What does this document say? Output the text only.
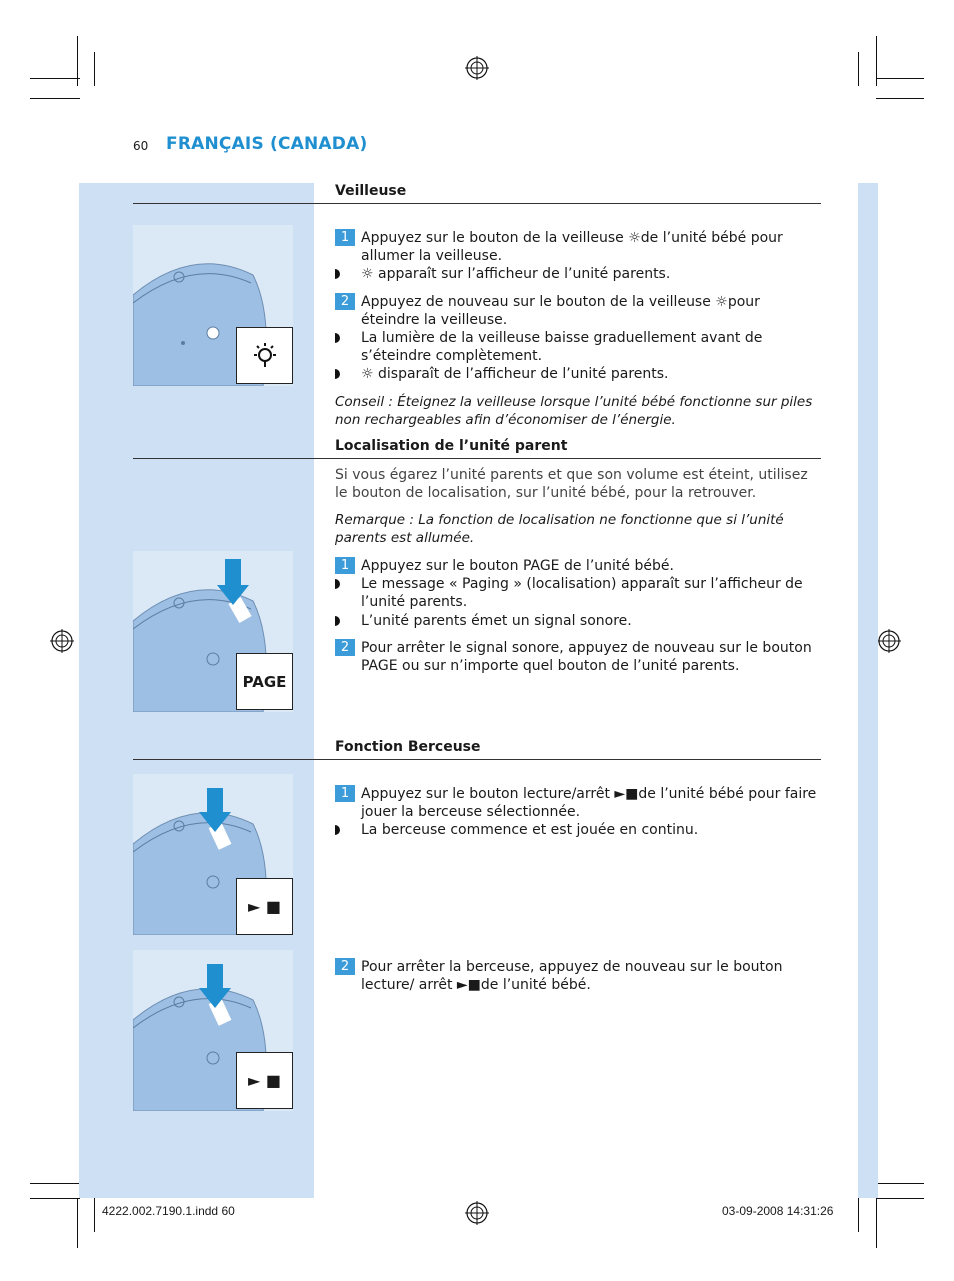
60 FRANÇAIS (CANADA)
Veilleuse
1 Appuyez sur le bouton de la veilleuse ☼de l’unité bébé pour allumer la veilleuse.
☼ apparaît sur l’afficheur de l’unité parents.
2 Appuyez de nouveau sur le bouton de la veilleuse ☼pour éteindre la veilleuse.
La lumière de la veilleuse baisse graduellement avant de s’éteindre complètement.
☼ disparaît de l’afficheur de l’unité parents.
Conseil : Éteignez la veilleuse lorsque l’unité bébé fonctionne sur piles non rechargeables afin d’économiser de l’énergie.
Localisation de l’unité parent
Si vous égarez l’unité parents et que son volume est éteint, utilisez le bouton de localisation, sur l’unité bébé, pour la retrouver.
Remarque : La fonction de localisation ne fonctionne que si l’unité parents est allumée.
PAGE
1 Appuyez sur le bouton PAGE de l’unité bébé.
Le message « Paging » (localisation) apparaît sur l’afficheur de l’unité parents.
L’unité parents émet un signal sonore.
2 Pour arrêter le signal sonore, appuyez de nouveau sur le bouton PAGE ou sur n’importe quel bouton de l’unité parents.
Fonction Berceuse
► ■
1 Appuyez sur le bouton lecture/arrêt ►■de l’unité bébé pour faire jouer la berceuse sélectionnée.
La berceuse commence et est jouée en continu.
► ■
2 Pour arrêter la berceuse, appuyez de nouveau sur le bouton lecture/ arrêt ►■de l’unité bébé.
4222.002.7190.1.indd 60	03-09-2008 14:31:26
